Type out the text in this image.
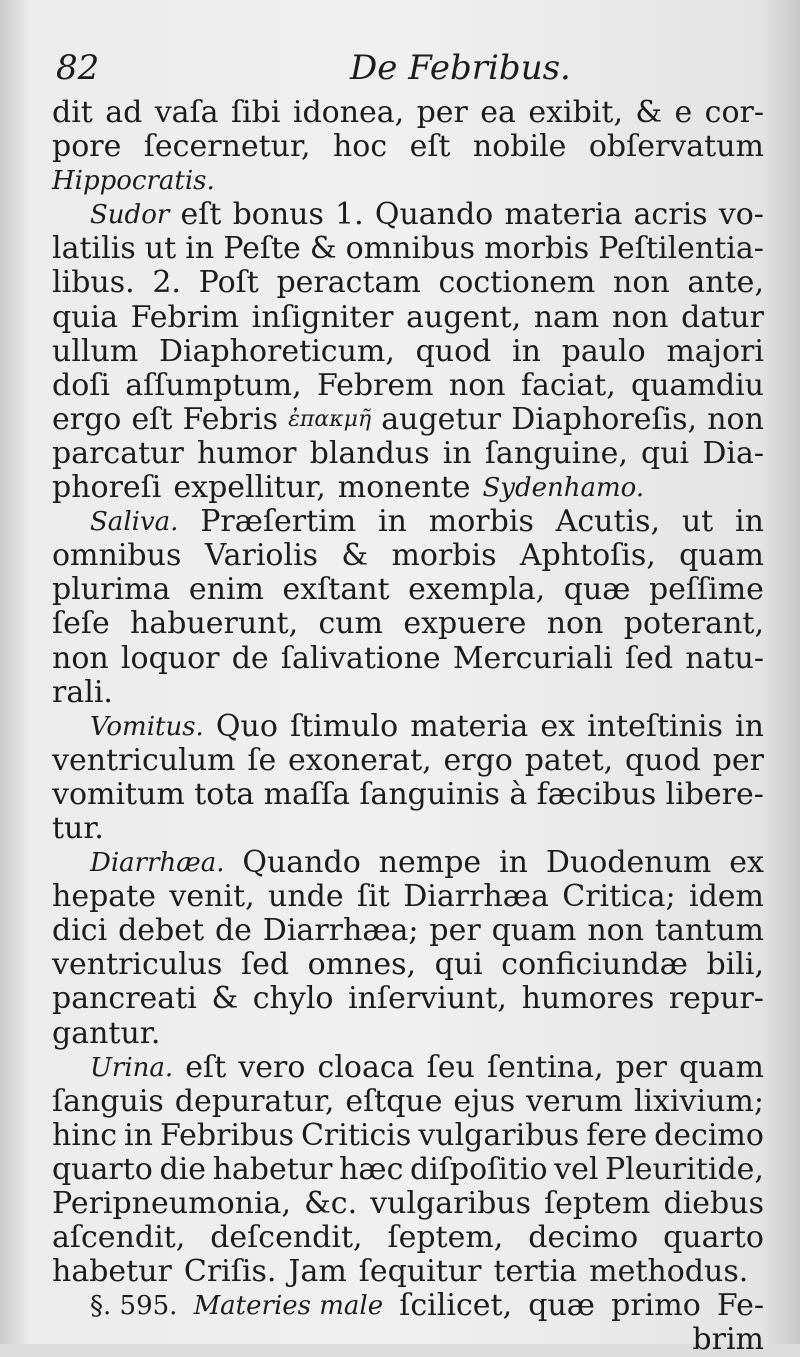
82	De Febribus.
dit ad vaſa ſibi idonea, per ea exibit, & e cor-
pore ſecernetur, hoc eſt nobile obſervatum
Hippocratis.
Sudor eſt bonus 1. Quando materia acris vo-
latilis ut in Peſte & omnibus morbis Peſtilentia-
libus. 2. Poſt peractam coctionem non ante,
quia Febrim inſigniter augent, nam non datur
ullum Diaphoreticum, quod in paulo majori
doſi aſſumptum, Febrem non faciat, quamdiu
ergo eſt Febris ἐπακμῆ augetur Diaphoreſis, non
parcatur humor blandus in ſanguine, qui Dia-
phoreſi expellitur, monente Sydenhamo.
Saliva. Præſertim in morbis Acutis, ut in
omnibus Variolis & morbis Aphtoſis, quam
plurima enim exſtant exempla, quæ peſſime
ſeſe habuerunt, cum expuere non poterant,
non loquor de ſalivatione Mercuriali ſed natu-
rali.
Vomitus. Quo ſtimulo materia ex inteſtinis in
ventriculum ſe exonerat, ergo patet, quod per
vomitum tota maſſa ſanguinis à fæcibus libere-
tur.
Diarrhæa. Quando nempe in Duodenum ex
hepate venit, unde ſit Diarrhæa Critica; idem
dici debet de Diarrhæa; per quam non tantum
ventriculus ſed omnes, qui conficiundæ bili,
pancreati & chylo inſerviunt, humores repur-
gantur.
Urina. eſt vero cloaca ſeu ſentina, per quam
ſanguis depuratur, eſtque ejus verum lixivium;
hinc in Febribus Criticis vulgaribus fere decimo
quarto die habetur hæc diſpoſitio vel Pleuritide,
Peripneumonia, &c. vulgaribus ſeptem diebus
aſcendit, deſcendit, ſeptem, decimo quarto
habetur Criſis. Jam ſequitur tertia methodus.
§. 595. Materies male ſcilicet, quæ primo Fe-
brim
